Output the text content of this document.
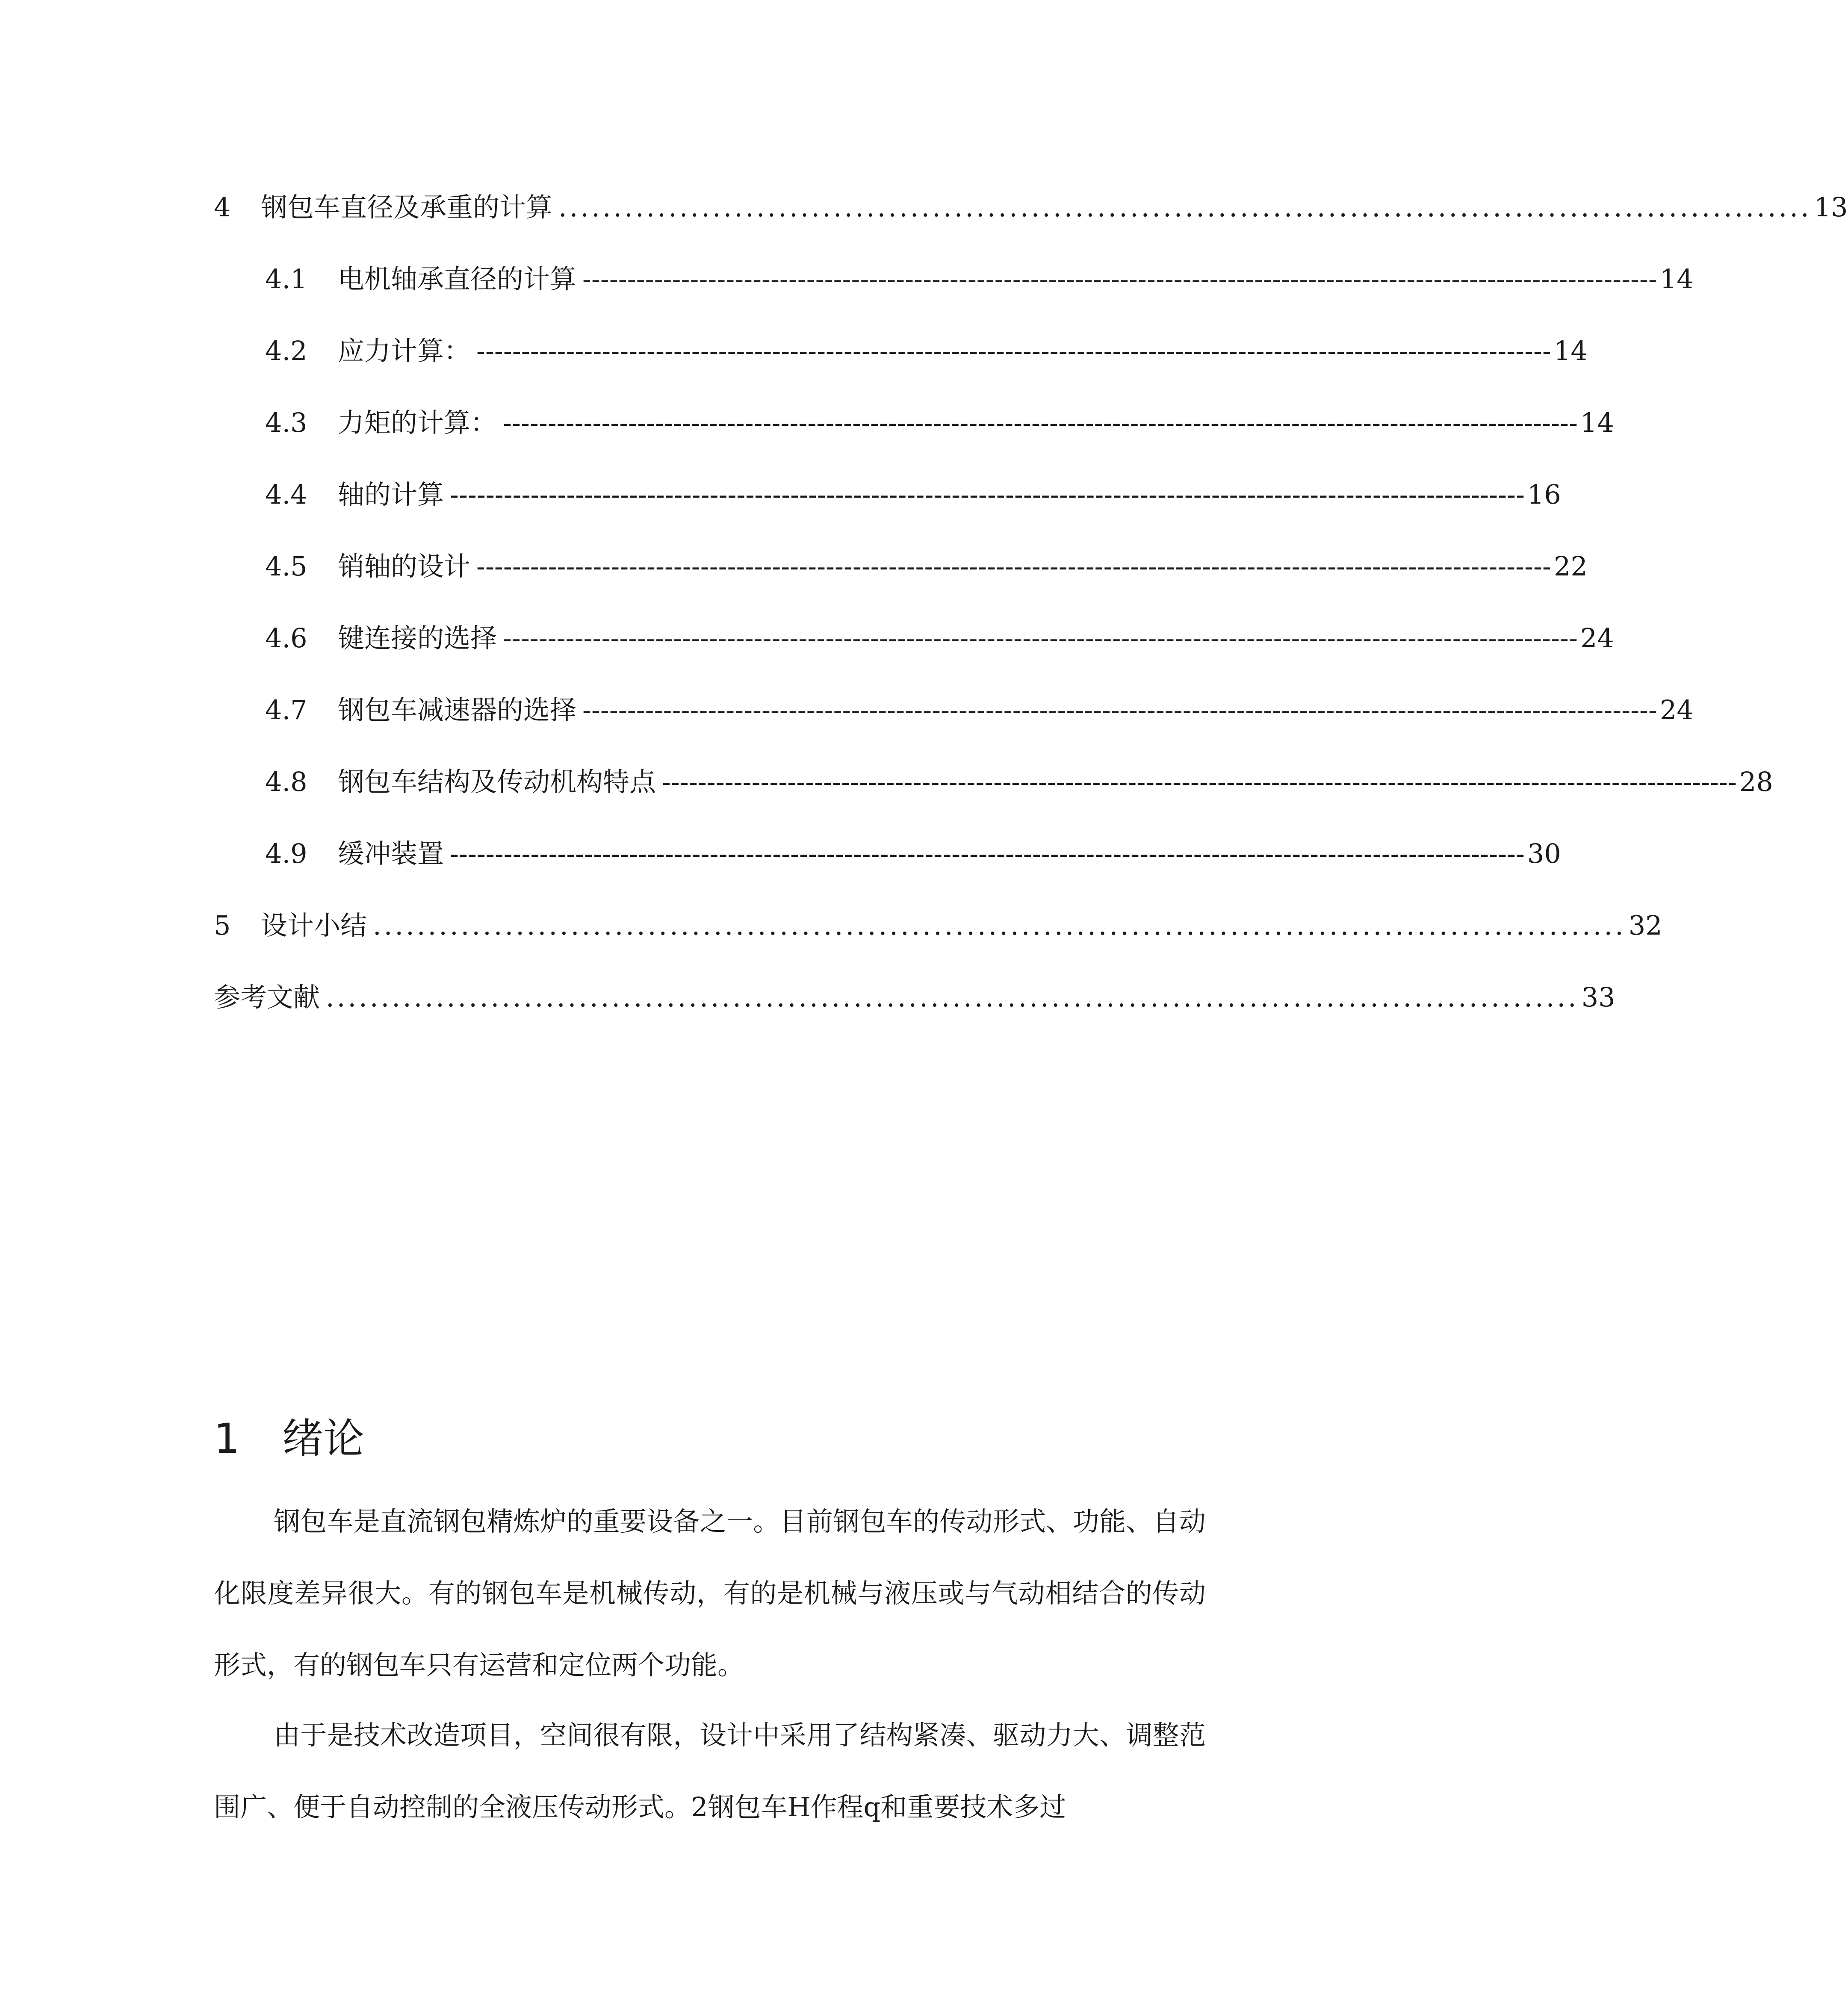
4	钢包车直径及承重的计算 .................................................................................................................. 13
4.1	电机轴承直径的计算 ------------------------------------------------------------------------------------------------------------------------ 14
4.2	应力计算： ------------------------------------------------------------------------------------------------------------------------ 14
4.3	力矩的计算： ------------------------------------------------------------------------------------------------------------------------ 14
4.4	轴的计算 ------------------------------------------------------------------------------------------------------------------------ 16
4.5	销轴的设计 ------------------------------------------------------------------------------------------------------------------------ 22
4.6	键连接的选择 ------------------------------------------------------------------------------------------------------------------------ 24
4.7	钢包车减速器的选择 ------------------------------------------------------------------------------------------------------------------------ 24
4.8	钢包车结构及传动机构特点 ------------------------------------------------------------------------------------------------------------------------ 28
4.9	缓冲装置 ------------------------------------------------------------------------------------------------------------------------ 30
5	设计小结 .................................................................................................................. 32
参考文献 .................................................................................................................. 33
1	绪论

钢包车是直流钢包精炼炉的重要设备之一。目前钢包车的传动形式、功能、自动化限度差异很大。有的钢包车是机械传动，有的是机械与液压或与气动相结合的传动形式，有的钢包车只有运营和定位两个功能。

由于是技术改造项目，空间很有限，设计中采用了结构紧凑、驱动力大、调整范围广、便于自动控制的全液压传动形式。2钢包车H作程q和重要技术多过
